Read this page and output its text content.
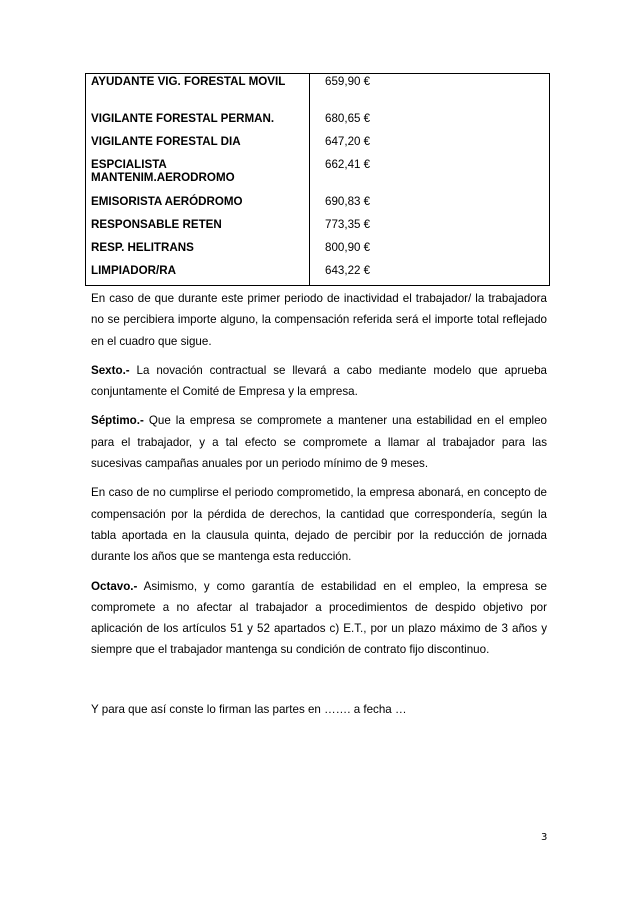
AYUDANTE VIG. FORESTAL MOVIL	659,90 €
VIGILANTE FORESTAL PERMAN.	680,65 €
VIGILANTE FORESTAL DIA	647,20 €
ESPCIALISTA MANTENIM.AERODROMO	662,41 €
EMISORISTA AERÓDROMO	690,83 €
RESPONSABLE RETEN	773,35 €
RESP. HELITRANS	800,90 €
LIMPIADOR/RA	643,22 €

En caso de que durante este primer periodo de inactividad el trabajador/ la trabajadora no se percibiera importe alguno, la compensación referida será el importe total reflejado en el cuadro que sigue.

Sexto.- La novación contractual se llevará a cabo mediante modelo que aprueba conjuntamente el Comité de Empresa y la empresa.

Séptimo.- Que la empresa se compromete a mantener una estabilidad en el empleo para el trabajador, y a tal efecto se compromete a llamar al trabajador para las sucesivas campañas anuales por un periodo mínimo de 9 meses.

En caso de no cumplirse el periodo comprometido, la empresa abonará, en concepto de compensación por la pérdida de derechos, la cantidad que correspondería, según la tabla aportada en la clausula quinta, dejado de percibir por la reducción de jornada durante los años que se mantenga esta reducción.

Octavo.- Asimismo, y como garantía de estabilidad en el empleo, la empresa se compromete a no afectar al trabajador a procedimientos de despido objetivo por aplicación de los artículos 51 y 52 apartados c) E.T., por un plazo máximo de 3 años y siempre que el trabajador mantenga su condición de contrato fijo discontinuo.

Y para que así conste lo firman las partes en ……. a fecha …
3
